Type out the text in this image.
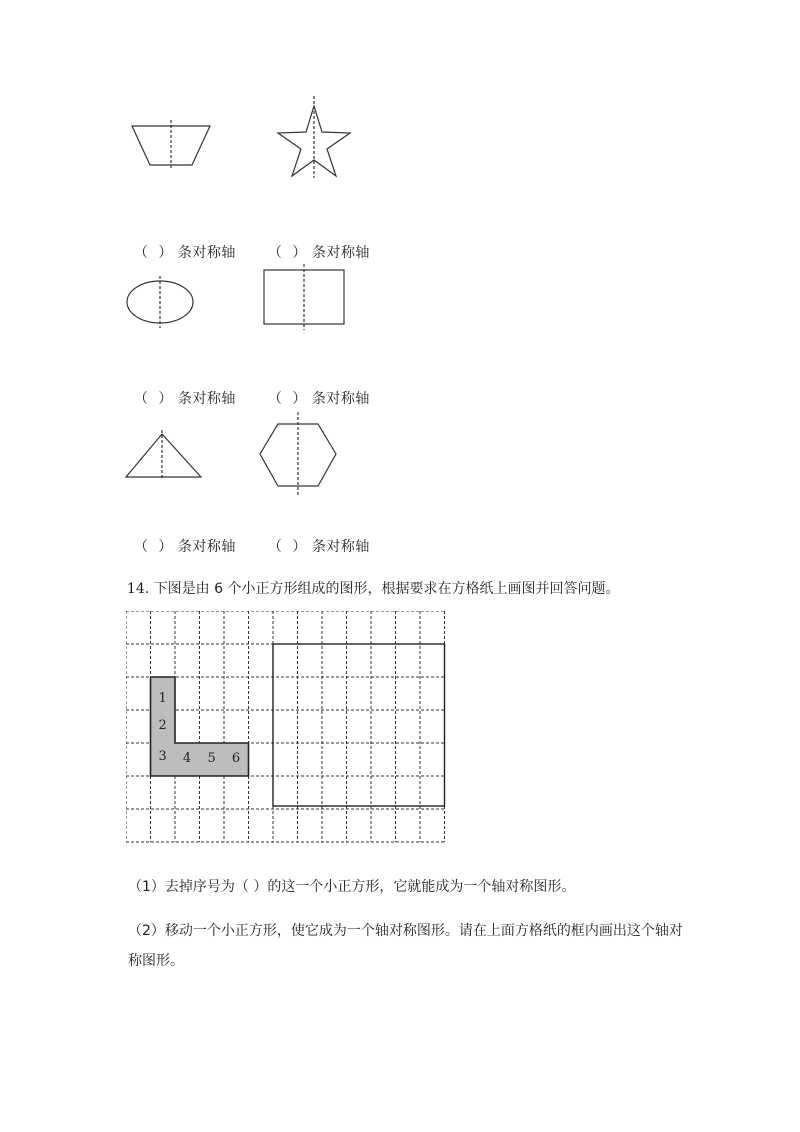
（ ） 条对称轴	（ ） 条对称轴

（ ） 条对称轴	（ ） 条对称轴

（ ） 条对称轴	（ ） 条对称轴

14. 下图是由 6 个小正方形组成的图形，根据要求在方格纸上画图并回答问题。

1
2
3 4 5 6
（1）去掉序号为（ ）的这一个小正方形，它就能成为一个轴对称图形。
（2）移动一个小正方形，使它成为一个轴对称图形。请在上面方格纸的框内画出这个轴对称图形。
